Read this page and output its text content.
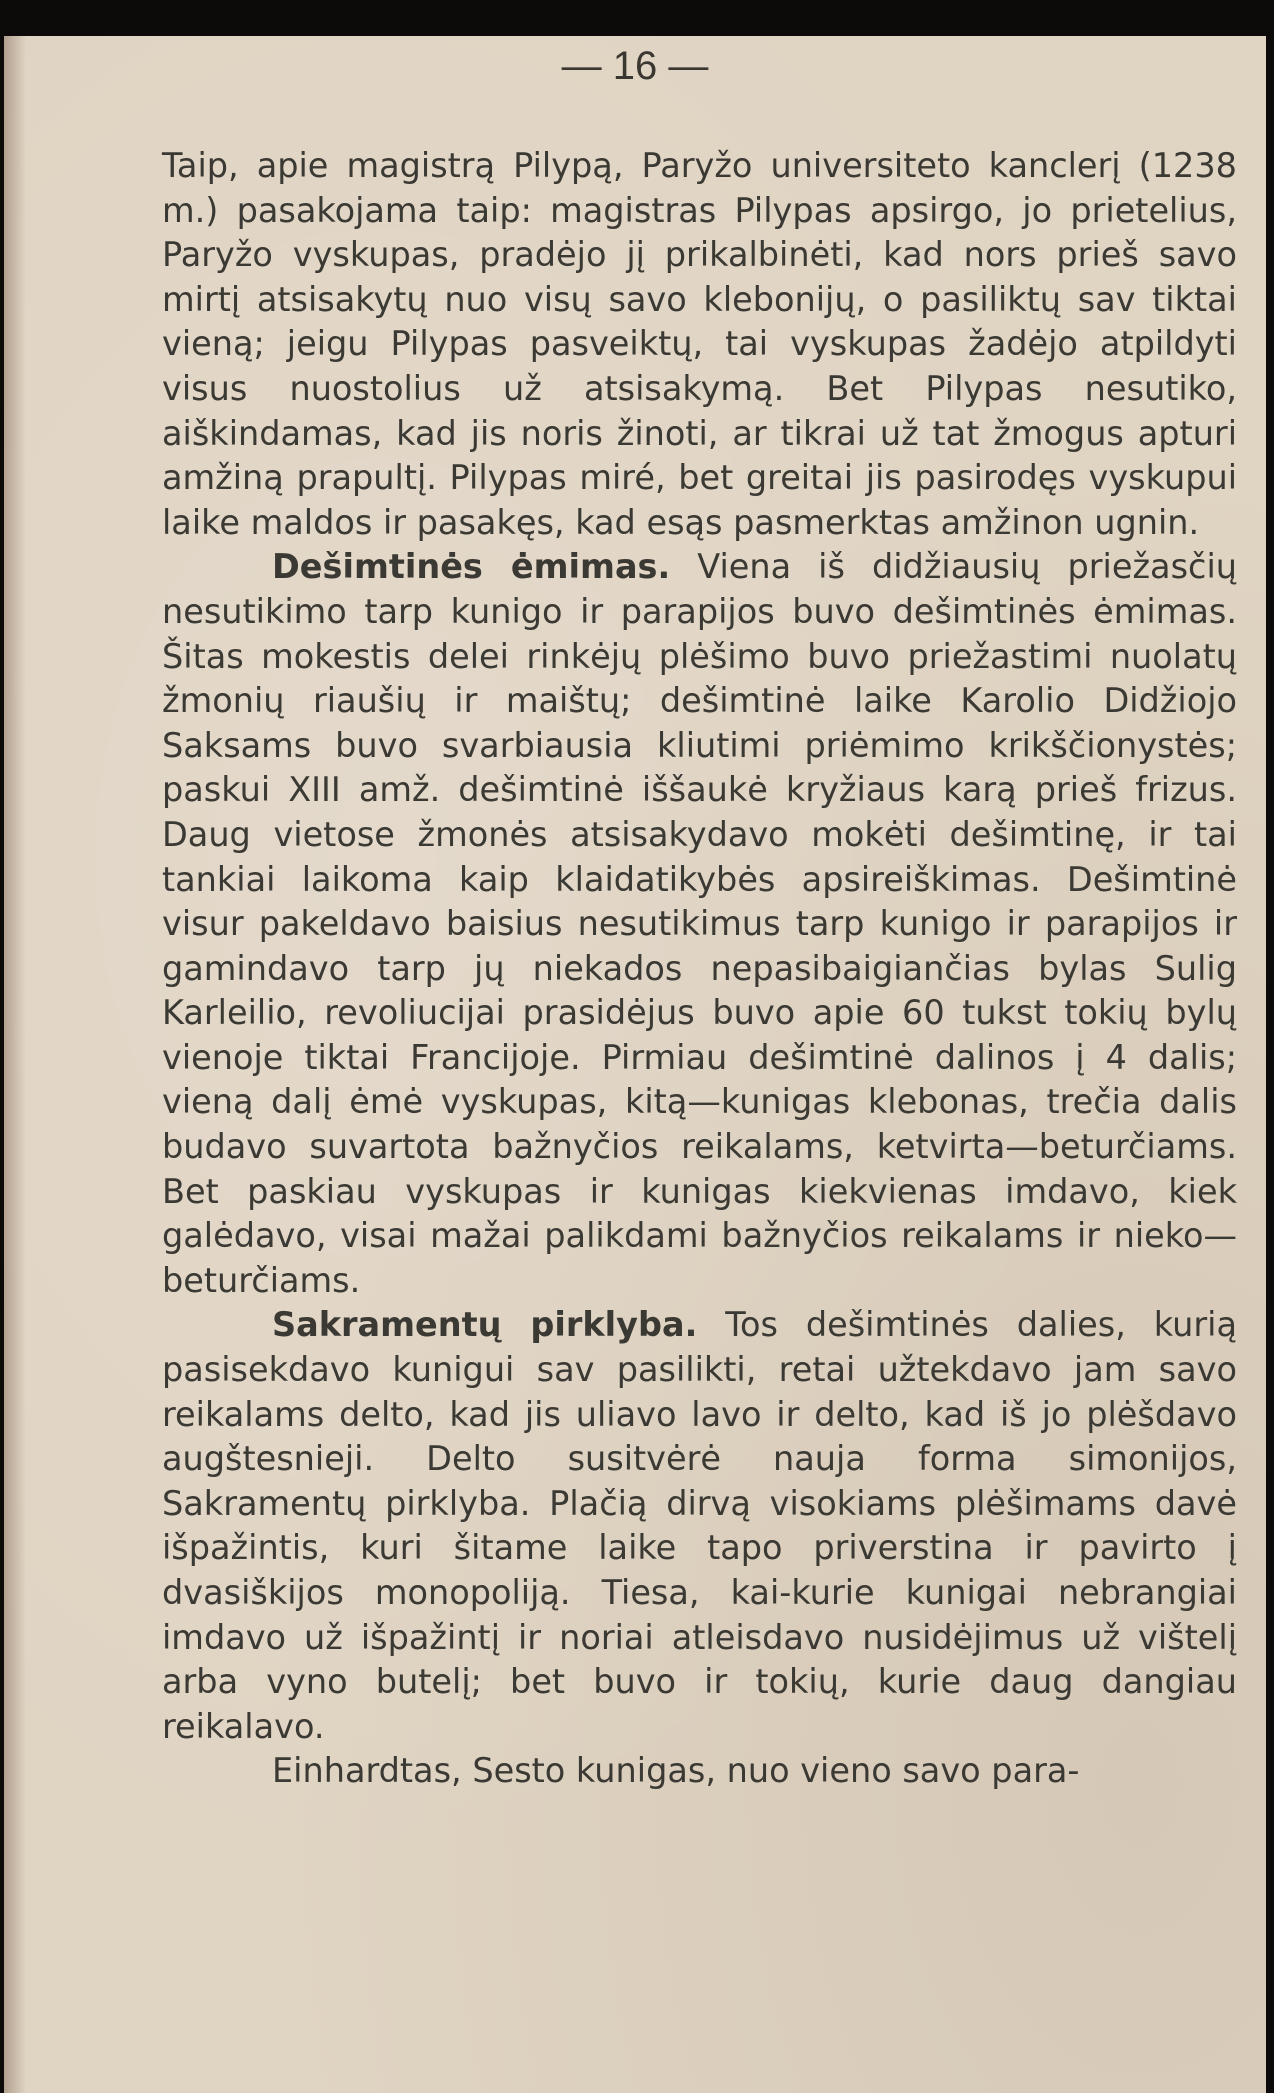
— 16 —

Taip, apie magistrą Pilypą, Paryžo universiteto kanclerį (1238 m.) pasakojama taip: magistras Pilypas apsirgo, jo prietelius, Paryžo vyskupas, pradėjo jį prikalbinėti, kad nors prieš savo mirtį atsisakytų nuo visų savo klebonijų, o pasiliktų sav tiktai vieną; jeigu Pilypas pasveiktų, tai vyskupas žadėjo atpildyti visus nuostolius už atsisakymą. Bet Pilypas nesutiko, aiškindamas, kad jis noris žinoti, ar tikrai už tat žmogus apturi amžiną prapultį. Pilypas miré, bet greitai jis pasirodęs vyskupui laike maldos ir pasakęs, kad esąs pasmerktas amžinon ugnin.

Dešimtinės ėmimas. Viena iš didžiausių priežasčių nesutikimo tarp kunigo ir parapijos buvo dešimtinės ėmimas. Šitas mokestis delei rinkėjų plėšimo buvo priežastimi nuolatų žmonių riaušių ir maištų; dešimtinė laike Karolio Didžiojo Saksams buvo svarbiausia kliutimi priėmimo krikščionystės; paskui XIII amž. dešimtinė iššaukė kryžiaus karą prieš frizus. Daug vietose žmonės atsisakydavo mokėti dešimtinę, ir tai tankiai laikoma kaip klaidatikybės apsireiškimas. Dešimtinė visur pakeldavo baisius nesutikimus tarp kunigo ir parapijos ir gamindavo tarp jų niekados nepasibaigiančias bylas Sulig Karleilio, revoliucijai prasidėjus buvo apie 60 tukst tokių bylų vienoje tiktai Francijoje. Pirmiau dešimtinė dalinos į 4 dalis; vieną dalį ėmė vyskupas, kitą—kunigas klebonas, trečia dalis budavo suvartota bažnyčios reikalams, ketvirta—beturčiams. Bet paskiau vyskupas ir kunigas kiekvienas imdavo, kiek galėdavo, visai mažai palikdami bažnyčios reikalams ir nieko—beturčiams.

Sakramentų pirklyba. Tos dešimtinės dalies, kurią pasisekdavo kunigui sav pasilikti, retai užtekdavo jam savo reikalams delto, kad jis uliavo lavo ir delto, kad iš jo plėšdavo augštesnieji. Delto susitvėrė nauja forma simonijos, Sakramentų pirklyba. Plačią dirvą visokiams plėšimams davė išpažintis, kuri šitame laike tapo priverstina ir pavirto į dvasiškijos monopoliją. Tiesa, kai-kurie kunigai nebrangiai imdavo už išpažintį ir noriai atleisdavo nusidėjimus už vištelį arba vyno butelį; bet buvo ir tokių, kurie daug dangiau reikalavo.

Einhardtas, Sesto kunigas, nuo vieno savo para-
